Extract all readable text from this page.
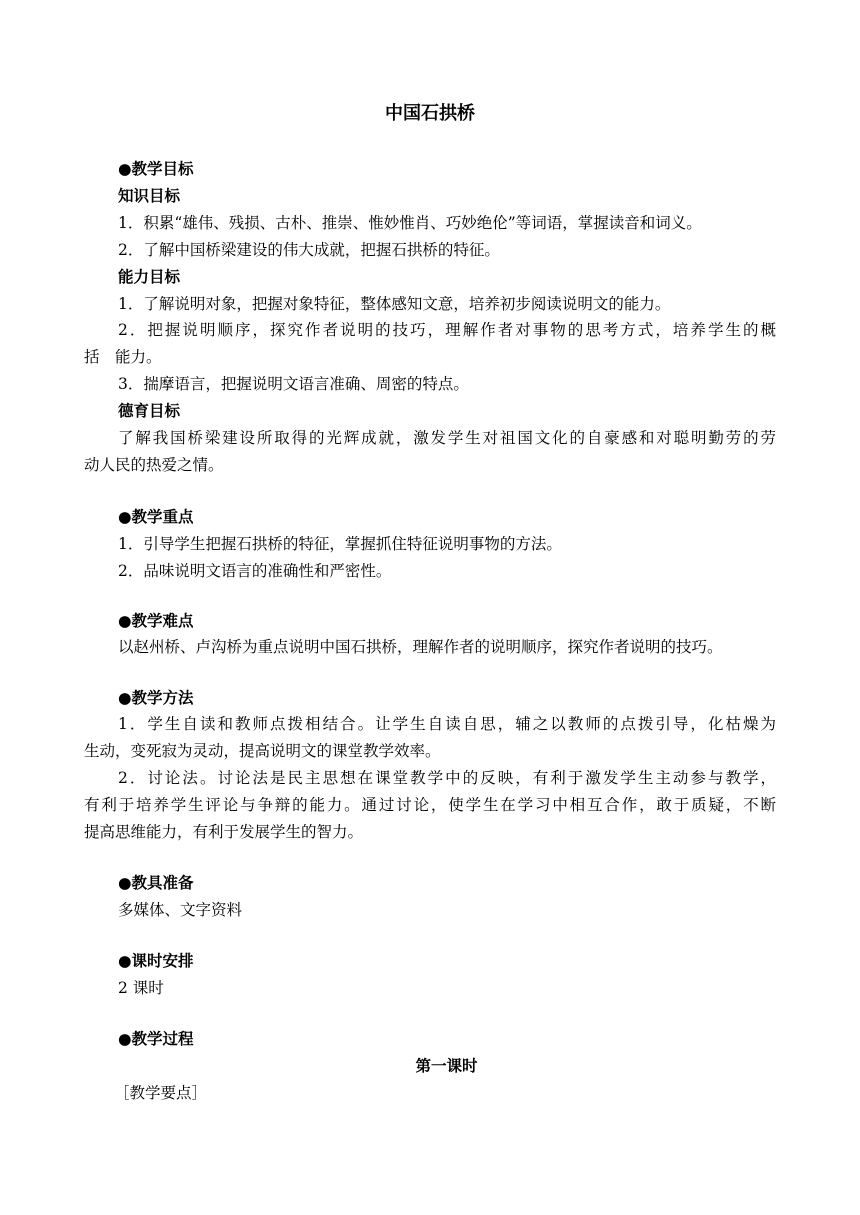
中国石拱桥
●教学目标
知识目标
1．积累“雄伟、残损、古朴、推崇、惟妙惟肖、巧妙绝伦”等词语，掌握读音和词义。
2．了解中国桥梁建设的伟大成就，把握石拱桥的特征。
能力目标
1．了解说明对象，把握对象特征，整体感知文意，培养初步阅读说明文的能力。
2．把握说明顺序，探究作者说明的技巧，理解作者对事物的思考方式，培养学生的概
括　能力。
3．揣摩语言，把握说明文语言准确、周密的特点。
德育目标
了解我国桥梁建设所取得的光辉成就，激发学生对祖国文化的自豪感和对聪明勤劳的劳
动人民的热爱之情。
●教学重点
1．引导学生把握石拱桥的特征，掌握抓住特征说明事物的方法。
2．品味说明文语言的准确性和严密性。
●教学难点
以赵州桥、卢沟桥为重点说明中国石拱桥，理解作者的说明顺序，探究作者说明的技巧。
●教学方法
1．学生自读和教师点拨相结合。让学生自读自思，辅之以教师的点拨引导，化枯燥为
生动，变死寂为灵动，提高说明文的课堂教学效率。
2．讨论法。讨论法是民主思想在课堂教学中的反映，有利于激发学生主动参与教学，
有利于培养学生评论与争辩的能力。通过讨论，使学生在学习中相互合作，敢于质疑，不断
提高思维能力，有利于发展学生的智力。
●教具准备
多媒体、文字资料
●课时安排
2 课时
●教学过程
第一课时
［教学要点］
